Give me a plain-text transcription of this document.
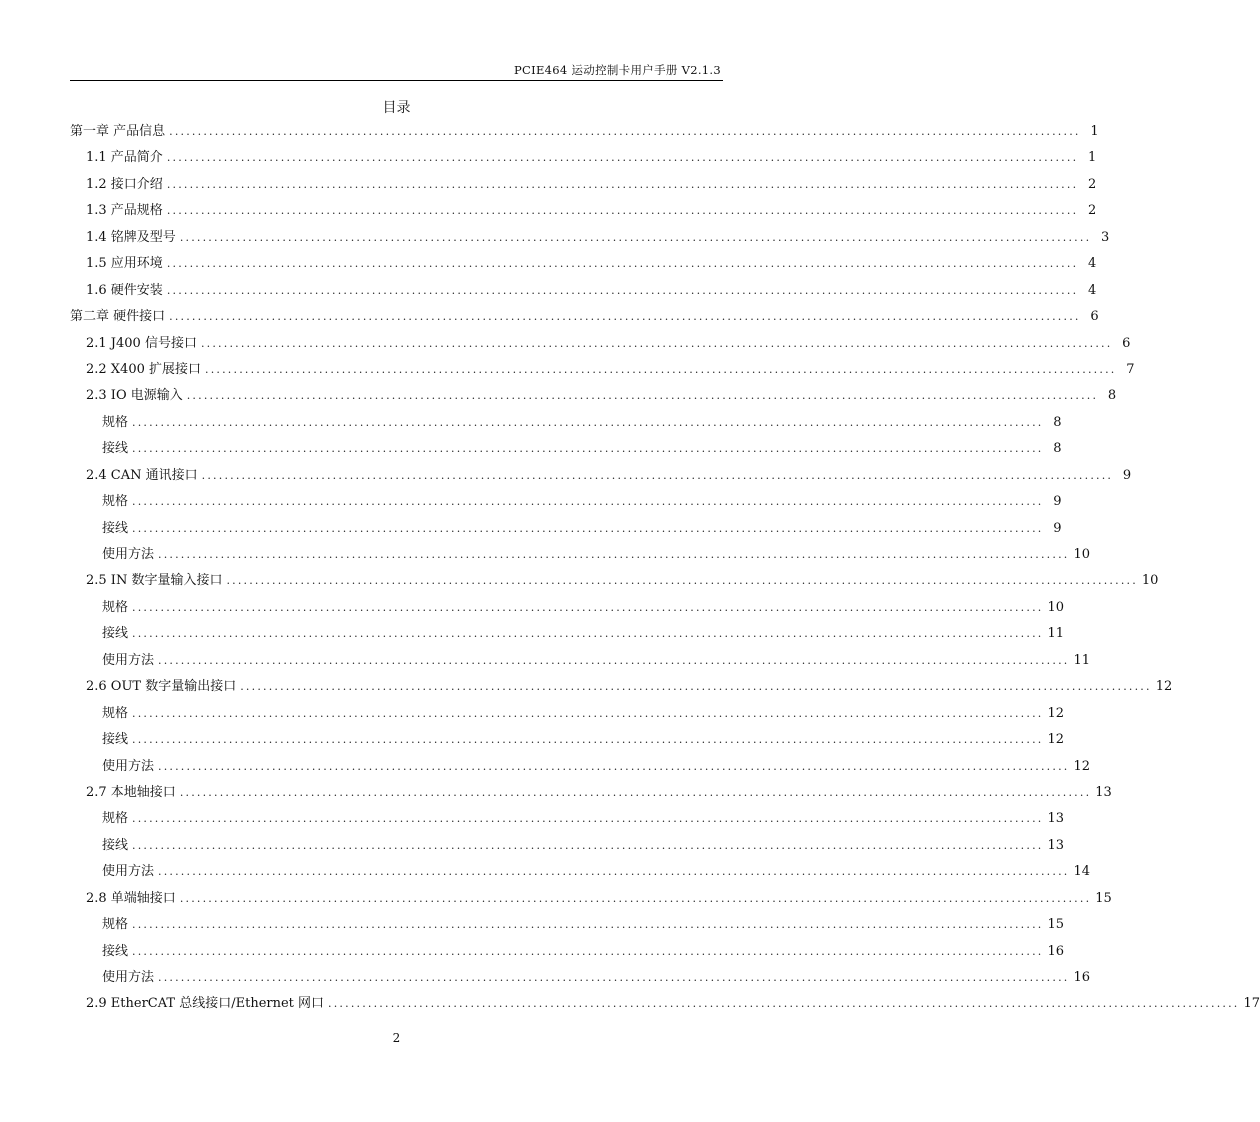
PCIE464 运动控制卡用户手册 V2.1.3
目录
第一章 产品信息 ................................................................................................................................................................ 1
1.1 产品简介 ................................................................................................................................................................ 1
1.2 接口介绍 ................................................................................................................................................................ 2
1.3 产品规格 ................................................................................................................................................................ 2
1.4 铭牌及型号 ................................................................................................................................................................ 3
1.5 应用环境 ................................................................................................................................................................ 4
1.6 硬件安装 ................................................................................................................................................................ 4
第二章 硬件接口 ................................................................................................................................................................ 6
2.1 J400 信号接口 ................................................................................................................................................................ 6
2.2 X400 扩展接口 ................................................................................................................................................................ 7
2.3 IO 电源输入 ................................................................................................................................................................ 8
规格 ................................................................................................................................................................ 8
接线 ................................................................................................................................................................ 8
2.4 CAN 通讯接口 ................................................................................................................................................................ 9
规格 ................................................................................................................................................................ 9
接线 ................................................................................................................................................................ 9
使用方法 ................................................................................................................................................................ 10
2.5 IN 数字量输入接口 ................................................................................................................................................................ 10
规格 ................................................................................................................................................................ 10
接线 ................................................................................................................................................................ 11
使用方法 ................................................................................................................................................................ 11
2.6 OUT 数字量输出接口 ................................................................................................................................................................ 12
规格 ................................................................................................................................................................ 12
接线 ................................................................................................................................................................ 12
使用方法 ................................................................................................................................................................ 12
2.7 本地轴接口 ................................................................................................................................................................ 13
规格 ................................................................................................................................................................ 13
接线 ................................................................................................................................................................ 13
使用方法 ................................................................................................................................................................ 14
2.8 单端轴接口 ................................................................................................................................................................ 15
规格 ................................................................................................................................................................ 15
接线 ................................................................................................................................................................ 16
使用方法 ................................................................................................................................................................ 16
2.9 EtherCAT 总线接口/Ethernet 网口 ................................................................................................................................................................ 17
2
